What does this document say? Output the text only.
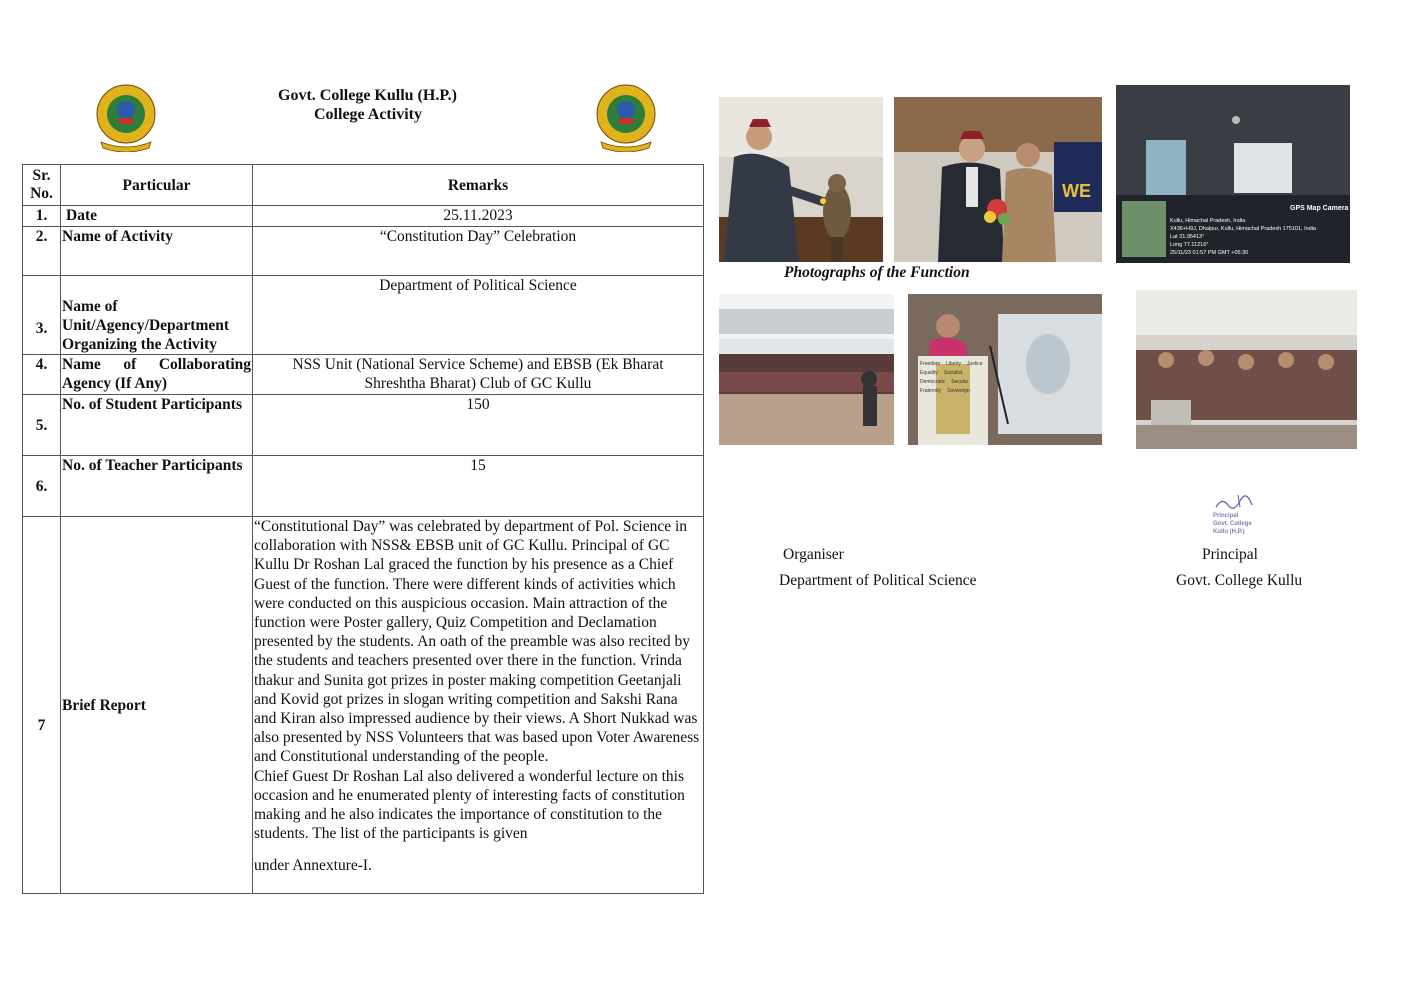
Govt. College Kullu (H.P.)
College Activity
Sr. No.	Particular	Remarks
1.	Date	25.11.2023
2.	Name of Activity	“Constitution Day” Celebration
3.	Name of Unit/Agency/Department Organizing the Activity	Department of Political Science
4.	Name of Collaborating Agency (If Any)	NSS Unit (National Service Scheme) and EBSB (Ek Bharat Shreshtha Bharat) Club of GC Kullu
5.	No. of Student Participants	150
6.	No. of Teacher Participants	15
7	Brief Report	“Constitutional Day” was celebrated by department of Pol. Science in collaboration with NSS& EBSB unit of GC Kullu. Principal of GC Kullu Dr Roshan Lal graced the function by his presence as a Chief Guest of the function. There were different kinds of activities which were conducted on this auspicious occasion. Main attraction of the function were Poster gallery, Quiz Competition and Declamation presented by the students. An oath of the preamble was also recited by the students and teachers presented over there in the function. Vrinda thakur and Sunita got prizes in poster making competition Geetanjali and Kovid got prizes in slogan writing competition and Sakshi Rana and Kiran also impressed audience by their views. A Short Nukkad was also presented by NSS Volunteers that was based upon Voter Awareness and Constitutional understanding of the people.

Chief Guest Dr Roshan Lal also delivered a wonderful lecture on this occasion and he enumerated plenty of interesting facts of constitution making and he also indicates the importance of constitution to the students. The list of the participants is given

under Annexture-I.

WE
GPS Map Camera
Kullu, Himachal Pradesh, India
X436+H9J, Dhalpur, Kullu, Himachal Pradesh 175101, India
Lat 31.95413°
Long 77.11216°
25/11/23 01:57 PM GMT +05:30
Photographs of the Function
Freedom Liberty Justice
Equality Socialist
Democratic Secular
Fraternity Sovereign
Principal
Govt. College
Kullu (H.P.)
Organiser
Department of Political Science
Principal
Govt. College Kullu
